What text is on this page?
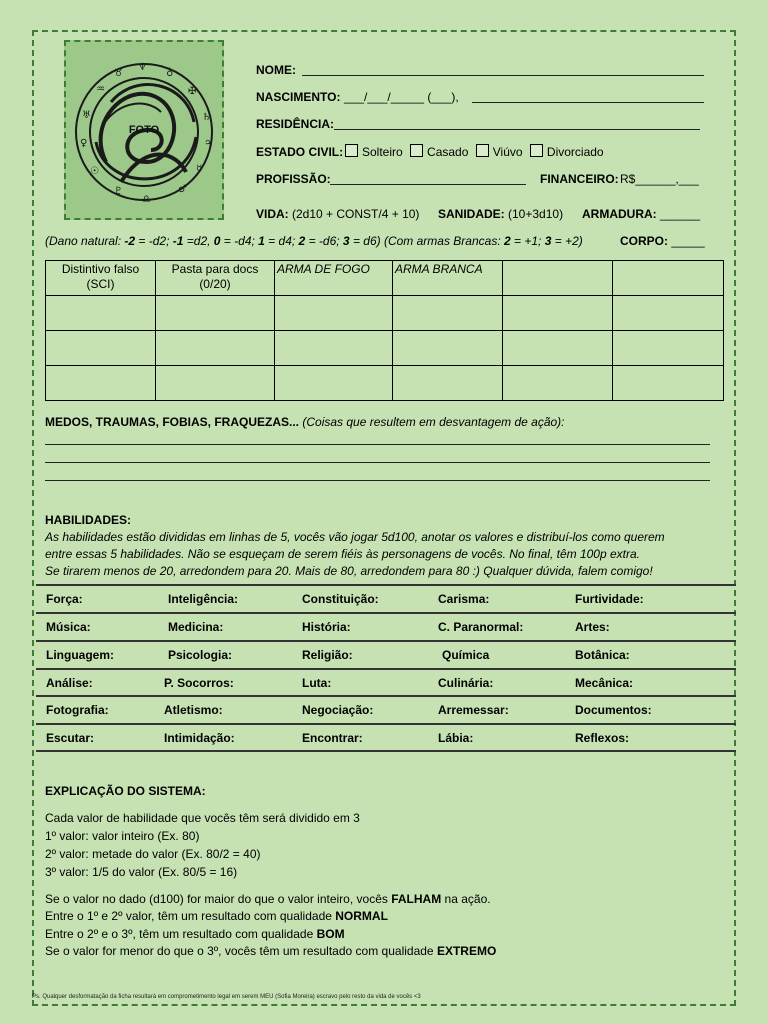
♆
♁
✠
♄
♃
☿
♂
♎
♇
☉
♀
♅
♒
♉
FOTO
NOME:
NASCIMENTO: ___/___/_____ (___),
RESIDÊNCIA:
ESTADO CIVIL:	Solteiro Casado Viúvo Divorciado
PROFISSÃO:	FINANCEIRO: R$______,___
VIDA: (2d10 + CONST/4 + 10) SANIDADE: (10+3d10) ARMADURA: ______
(Dano natural: -2 = -d2; -1 =d2, 0 = -d4; 1 = d4; 2 = -d6; 3 = d6) (Com armas Brancas: 2 = +1; 3 = +2)	CORPO: _____
Distintivo falso (SCI)	Pasta para docs (0/20)	ARMA DE FOGO	ARMA BRANCA		

MEDOS, TRAUMAS, FOBIAS, FRAQUEZAS... (Coisas que resultem em desvantagem de ação):
HABILIDADES:
As habilidades estão divididas em linhas de 5, vocês vão jogar 5d100, anotar os valores e distribuí-los como querem
entre essas 5 habilidades. Não se esqueçam de serem fiéis às personagens de vocês. No final, têm 100p extra.
Se tirarem menos de 20, arredondem para 20. Mais de 80, arredondem para 80 :) Qualquer dúvida, falem comigo!
Força:	Inteligência:	Constituição:	Carisma:	Furtividade:
Música:	Medicina:	História:	C. Paranormal:	Artes:
Linguagem:	Psicologia:	Religião:	Química	Botânica:
Análise:	P. Socorros:	Luta:	Culinária:	Mecânica:
Fotografia:	Atletismo:	Negociação:	Arremessar:	Documentos:
Escutar:	Intimidação:	Encontrar:	Lábia:	Reflexos:
EXPLICAÇÃO DO SISTEMA:
Cada valor de habilidade que vocês têm será dividido em 3
1º valor: valor inteiro (Ex. 80)
2º valor: metade do valor (Ex. 80/2 = 40)
3º valor: 1/5 do valor (Ex. 80/5 = 16)
Se o valor no dado (d100) for maior do que o valor inteiro, vocês FALHAM na ação.
Entre o 1º e 2º valor, têm um resultado com qualidade NORMAL
Entre o 2º e o 3º, têm um resultado com qualidade BOM
Se o valor for menor do que o 3º, vocês têm um resultado com qualidade EXTREMO
Ps. Qualquer desformatação da ficha resultará em comprometimento legal em serem MEU (Sofia Moreira) escravo pelo resto da vida de vocês <3
